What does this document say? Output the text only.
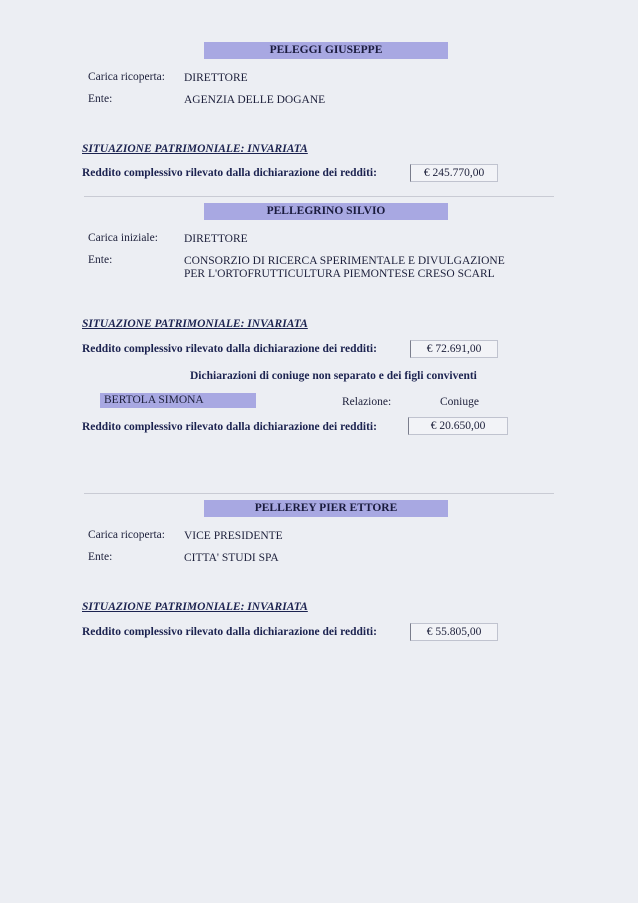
PELEGGI GIUSEPPE
Carica ricoperta: DIRETTORE
Ente:	AGENZIA DELLE DOGANE
SITUAZIONE PATRIMONIALE: INVARIATA
Reddito complessivo rilevato dalla dichiarazione dei redditi:	€ 245.770,00
PELLEGRINO SILVIO
Carica iniziale: DIRETTORE
Ente:	CONSORZIO DI RICERCA SPERIMENTALE E DIVULGAZIONE
PER L'ORTOFRUTTICULTURA PIEMONTESE CRESO SCARL
SITUAZIONE PATRIMONIALE: INVARIATA
Reddito complessivo rilevato dalla dichiarazione dei redditi:	€ 72.691,00
Dichiarazioni di coniuge non separato e dei figli conviventi
BERTOLA SIMONA	Relazione:	Coniuge
Reddito complessivo rilevato dalla dichiarazione dei redditi:	€ 20.650,00
PELLEREY PIER ETTORE
Carica ricoperta: VICE PRESIDENTE
Ente:	CITTA' STUDI SPA
SITUAZIONE PATRIMONIALE: INVARIATA
Reddito complessivo rilevato dalla dichiarazione dei redditi:	€ 55.805,00
